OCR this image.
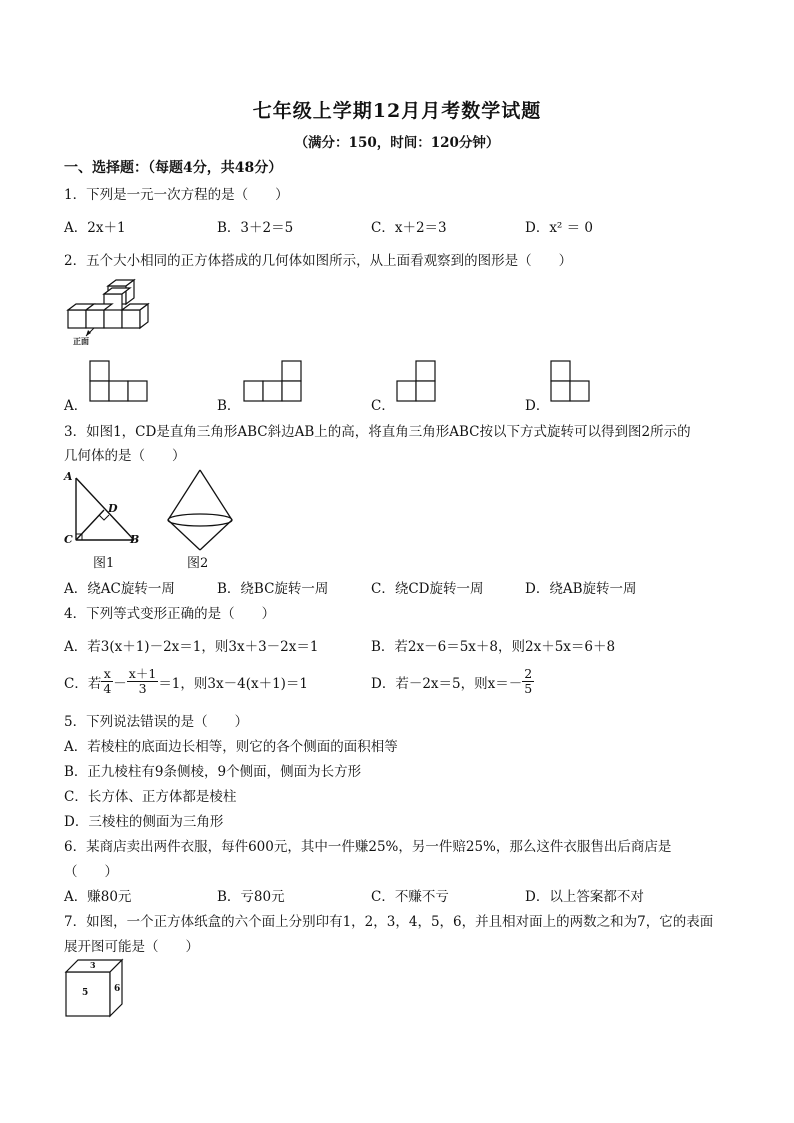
七年级上学期12月月考数学试题
（满分：150，时间：120分钟）
一、选择题：（每题4分，共48分）
1．下列是一元一次方程的是（　　）
A．2x＋1	B．3＋2＝5	C．x＋2＝3	D．x² ＝ 0
2．五个大小相同的正方体搭成的几何体如图所示，从上面看观察到的图形是（　　）
正面
A．	B．	C．	D．
3．如图1，CD是直角三角形ABC斜边AB上的高，将直角三角形ABC按以下方式旋转可以得到图2所示的
几何体的是（　　）
A
D
C	B
图1	图2
A．绕AC旋转一周	B．绕BC旋转一周	C．绕CD旋转一周	D．绕AB旋转一周
4．下列等式变形正确的是（　　）
A．若3(x＋1)－2x＝1，则3x＋3－2x＝1	B．若2x－6＝5x＋8，则2x＋5x＝6＋8
C．若 $\frac{x}{4} - \frac{x+1}{3} =1$，则3x－4(x＋1)＝1	D．若－2x＝5，则$x=- \frac{2}{5}$
5．下列说法错误的是（　　）
A．若棱柱的底面边长相等，则它的各个侧面的面积相等
B．正九棱柱有9条侧棱，9个侧面，侧面为长方形
C．长方体、正方体都是棱柱
D．三棱柱的侧面为三角形
6．某商店卖出两件衣服，每件600元，其中一件赚25%，另一件赔25%，那么这件衣服售出后商店是
（　　）
A．赚80元	B．亏80元	C．不赚不亏	D．以上答案都不对
7．如图，一个正方体纸盒的六个面上分别印有1，2，3，4，5，6，并且相对面上的两数之和为7，它的表面
展开图可能是（　　）
3
5	6
